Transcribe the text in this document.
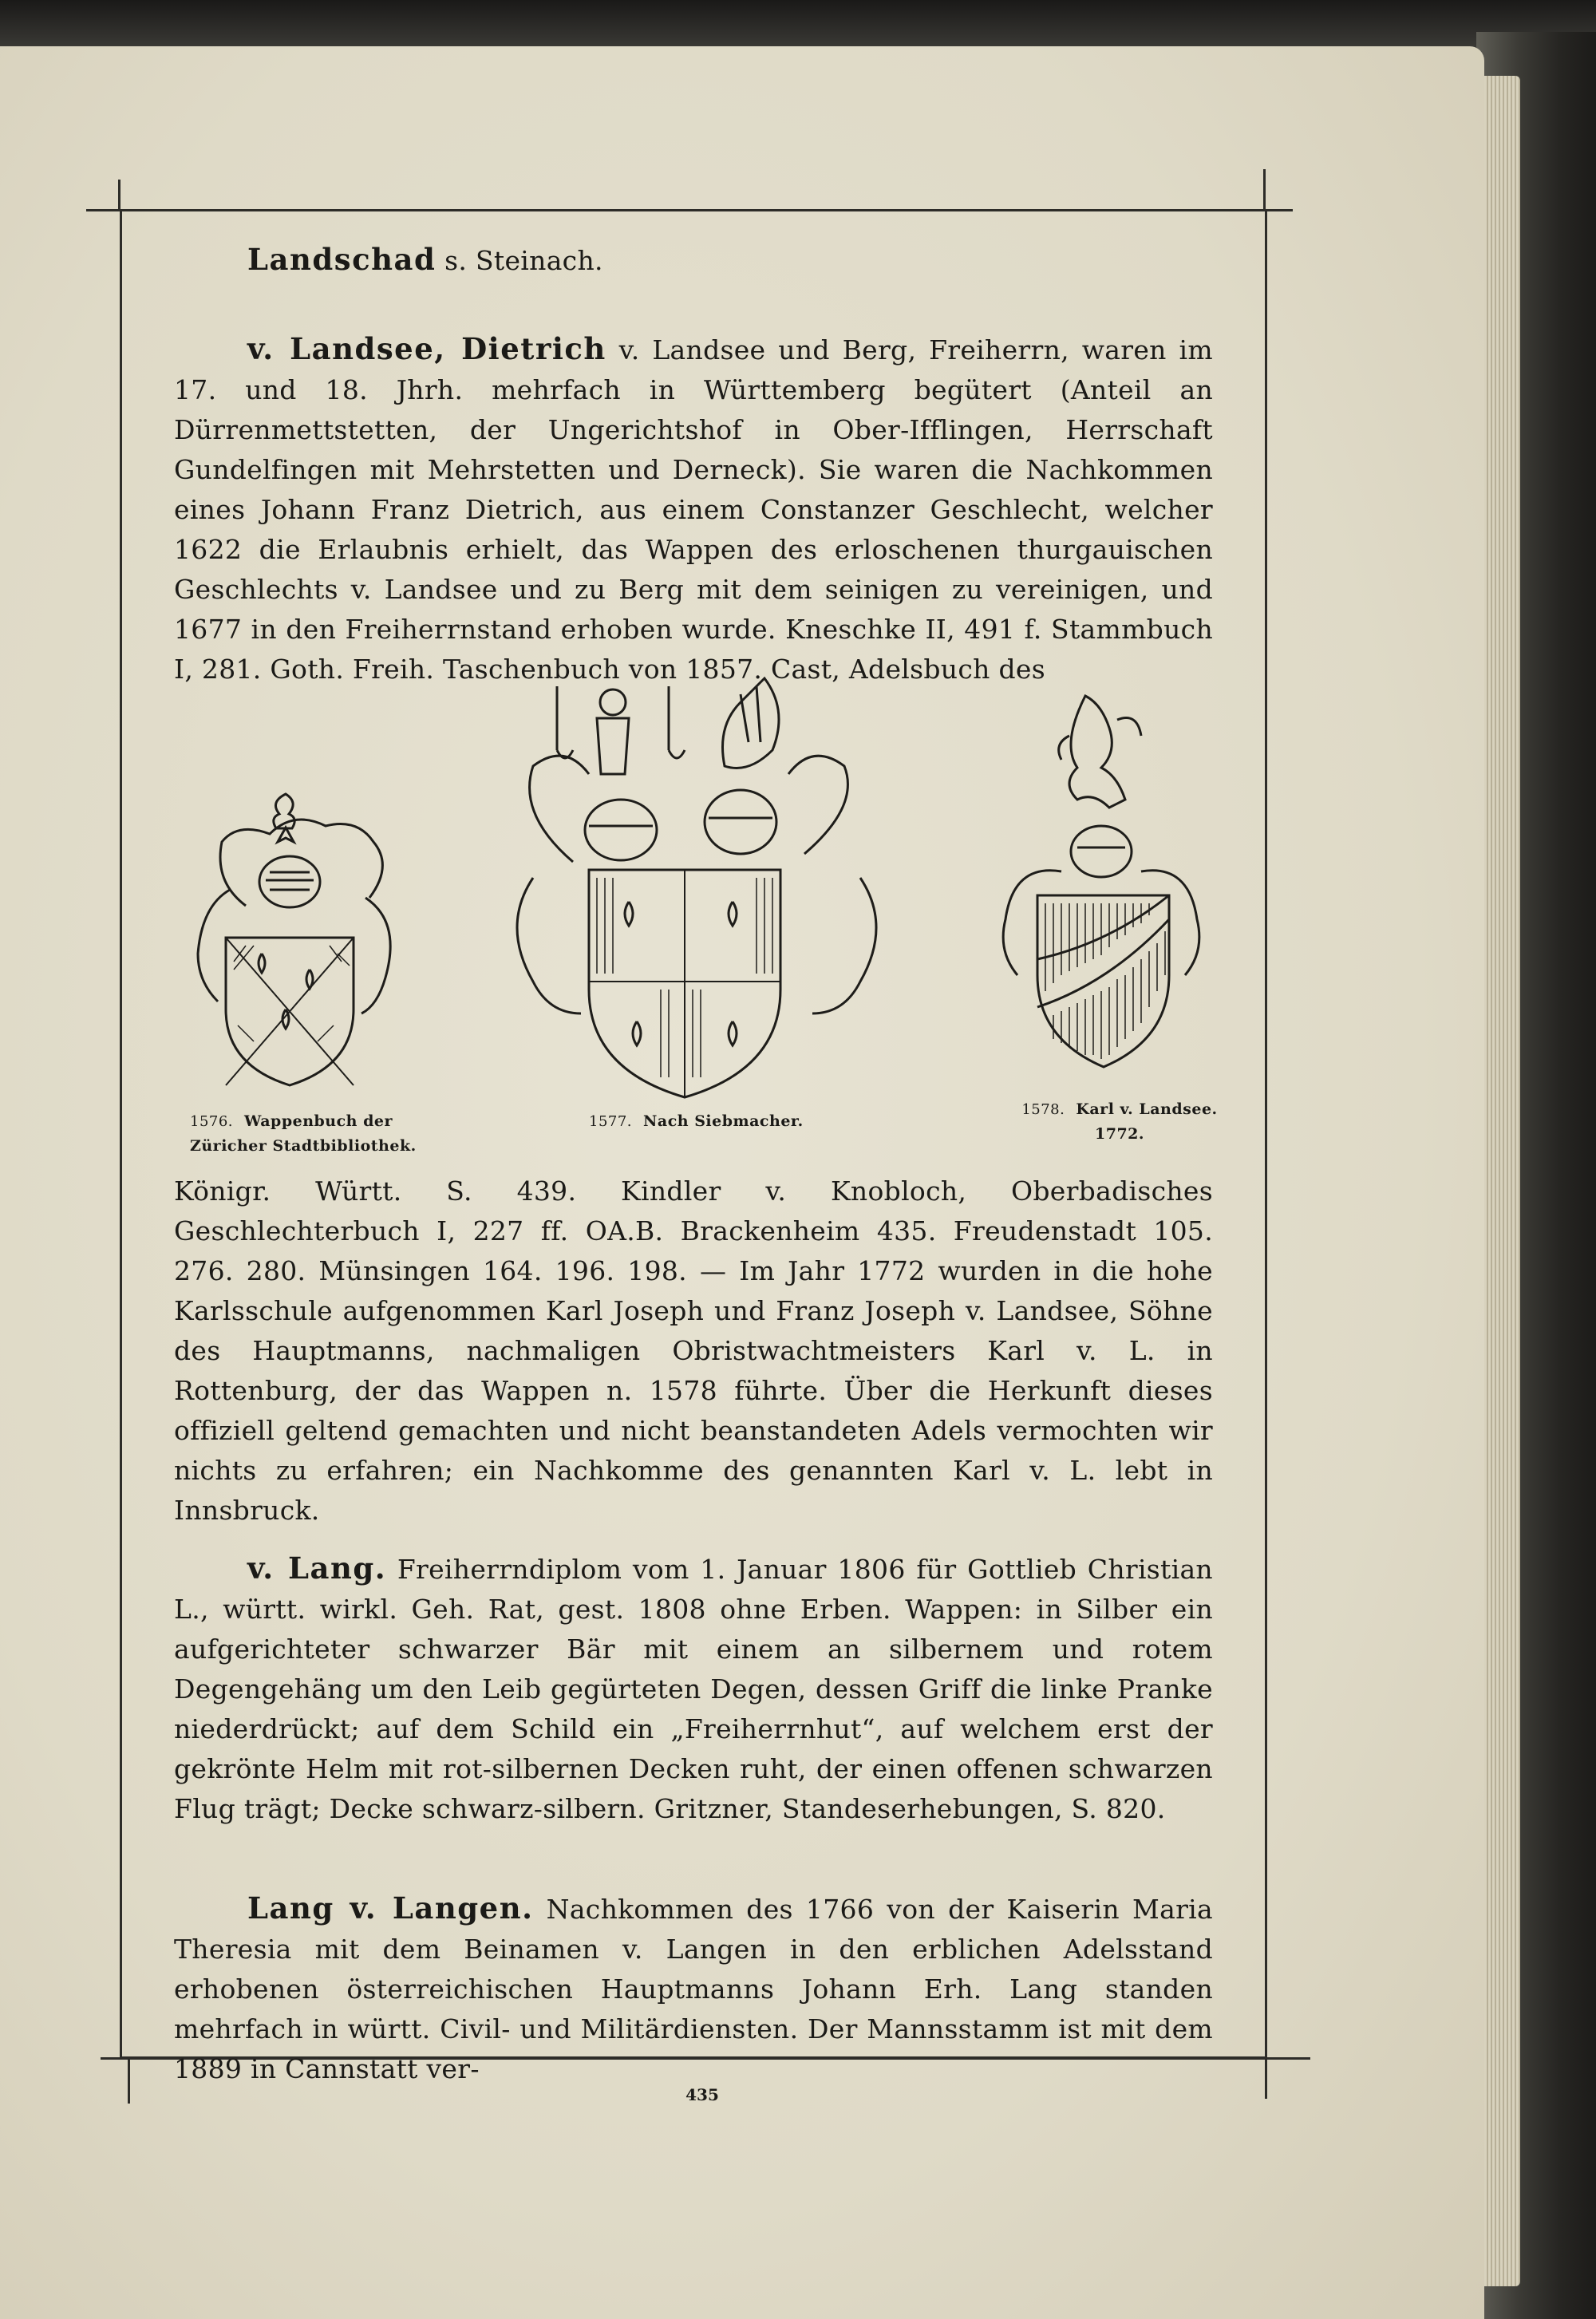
Landschad s. Steinach.

v. Landsee, Dietrich v. Landsee und Berg, Freiherrn, waren im 17. und 18. Jhrh. mehrfach in Württemberg begütert (Anteil an Dürrenmettstetten, der Ungerichtshof in Ober-Ifflingen, Herrschaft Gundelfingen mit Mehrstetten und Derneck). Sie waren die Nachkommen eines Johann Franz Dietrich, aus einem Constanzer Geschlecht, welcher 1622 die Erlaubnis erhielt, das Wappen des erloschenen thurgauischen Geschlechts v. Landsee und zu Berg mit dem seinigen zu vereinigen, und 1677 in den Freiherrnstand erhoben wurde. Kneschke II, 491 f. Stammbuch I, 281. Goth. Freih. Taschenbuch von 1857. Cast, Adelsbuch des

1576. Wappenbuch der
Züricher Stadtbibliothek.
1577. Nach Siebmacher.
1578. Karl v. Landsee.
1772.

Königr. Württ. S. 439. Kindler v. Knobloch, Oberbadisches Geschlechterbuch I, 227 ff. OA.B. Brackenheim 435. Freudenstadt 105. 276. 280. Münsingen 164. 196. 198. — Im Jahr 1772 wurden in die hohe Karlsschule aufgenommen Karl Joseph und Franz Joseph v. Landsee, Söhne des Hauptmanns, nachmaligen Obristwachtmeisters Karl v. L. in Rottenburg, der das Wappen n. 1578 führte. Über die Herkunft dieses offiziell geltend gemachten und nicht beanstandeten Adels vermochten wir nichts zu erfahren; ein Nachkomme des genannten Karl v. L. lebt in Innsbruck.

v. Lang. Freiherrndiplom vom 1. Januar 1806 für Gottlieb Christian L., württ. wirkl. Geh. Rat, gest. 1808 ohne Erben. Wappen: in Silber ein aufgerichteter schwarzer Bär mit einem an silbernem und rotem Degengehäng um den Leib gegürteten Degen, dessen Griff die linke Pranke niederdrückt; auf dem Schild ein „Freiherrnhut“, auf welchem erst der gekrönte Helm mit rot-silbernen Decken ruht, der einen offenen schwarzen Flug trägt; Decke schwarz-silbern. Gritzner, Standeserhebungen, S. 820.

Lang v. Langen. Nachkommen des 1766 von der Kaiserin Maria Theresia mit dem Beinamen v. Langen in den erblichen Adelsstand erhobenen österreichischen Hauptmanns Johann Erh. Lang standen mehrfach in württ. Civil- und Militärdiensten. Der Mannsstamm ist mit dem 1889 in Cannstatt ver-

435
